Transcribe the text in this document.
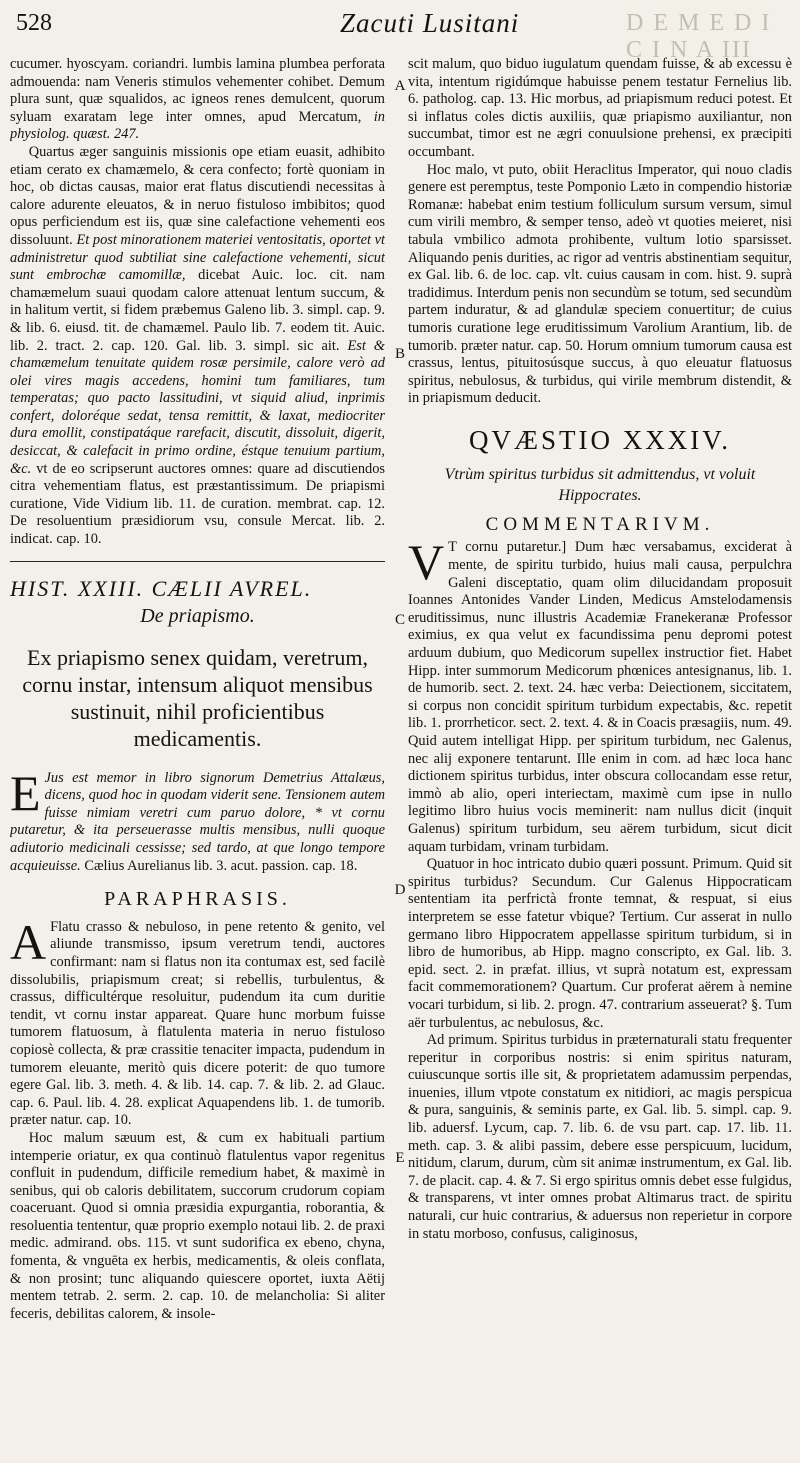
528	Zacuti Lusitani	D E M E D I C I N A III
A
B
C
D
E

cucumer. hyoscyam. coriandri. lumbis lamina plumbea perforata admouenda: nam Veneris stimulos vehementer cohibet. Demum plura sunt, quæ squalidos, ac igneos renes demulcent, quorum syluam exaratam lege inter omnes, apud Mercatum, in physiolog. quæst. 247.

Quartus æger sanguinis missionis ope etiam euasit, adhibito etiam cerato ex chamæmelo, & cera confecto; fortè quoniam in hoc, ob dictas causas, maior erat flatus discutiendi necessitas à calore adurente eleuatos, & in neruo fistuloso imbibitos; quod opus perficiendum est iis, quæ sine calefactione vehementi eos dissoluunt. Et post minorationem materiei ventositatis, oportet vt administretur quod subtiliat sine calefactione vehementi, sicut sunt embrochæ camomillæ, dicebat Auic. loc. cit. nam chamæmelum suaui quodam calore attenuat lentum succum, & in halitum vertit, si fidem præbemus Galeno lib. 3. simpl. cap. 9. & lib. 6. eiusd. tit. de chamæmel. Paulo lib. 7. eodem tit. Auic. lib. 2. tract. 2. cap. 120. Gal. lib. 3. simpl. sic ait. Est & chamæmelum tenuitate quidem rosæ persimile, calore verò ad olei vires magis accedens, homini tum familiares, tum temperatas; quo pacto lassitudini, vt siquid aliud, inprimis confert, doloréque sedat, tensa remittit, & laxat, mediocriter dura emollit, constipatáque rarefacit, discutit, dissoluit, digerit, desiccat, & calefacit in primo ordine, éstque tenuium partium, &c. vt de eo scripserunt auctores omnes: quare ad discutiendos citra vehementiam flatus, est præstantissimum. De priapismi curatione, Vide Vidium lib. 11. de curation. membrat. cap. 12. De resoluentium præsidiorum vsu, consule Mercat. lib. 2. indicat. cap. 10.

HIST. XXIII. CÆLII AVREL.
De priapismo.
Ex priapismo senex quidam, veretrum, cornu instar, intensum aliquot mensibus sustinuit, nihil proficientibus medicamentis.

E Jus est memor in libro signorum Demetrius Attalæus, dicens, quod hoc in quodam viderit sene. Tensionem autem fuisse nimiam veretri cum paruo dolore, * vt cornu putaretur, & ita perseuerasse multis mensibus, nulli quoque adiutorio medicinali cessisse; sed tardo, at que longo tempore acquieuisse. Cælius Aurelianus lib. 3. acut. passion. cap. 18.

PARAPHRASIS.

A Flatu crasso & nebuloso, in pene retento & genito, vel aliunde transmisso, ipsum veretrum tendi, auctores confirmant: nam si flatus non ita contumax est, sed facilè dissolubilis, priapismum creat; si rebellis, turbulentus, & crassus, difficultérque resoluitur, pudendum ita cum duritie tendit, vt cornu instar appareat. Quare hunc morbum fuisse tumorem flatuosum, à flatulenta materia in neruo fistuloso copiosè collecta, & præ crassitie tenaciter impacta, pudendum in tumorem eleuante, meritò quis dicere poterit: de quo tumore egere Gal. lib. 3. meth. 4. & lib. 14. cap. 7. & lib. 2. ad Glauc. cap. 6. Paul. lib. 4. 28. explicat Aquapendens lib. 1. de tumorib. præter natur. cap. 10.

Hoc malum sæuum est, & cum ex habituali partium intemperie oriatur, ex qua continuò flatulentus vapor regenitus confluit in pudendum, difficile remedium habet, & maximè in senibus, qui ob caloris debilitatem, succorum crudorum copiam coaceruant. Quod si omnia præsidia expurgantia, roborantia, & resoluentia tententur, quæ proprio exemplo notaui lib. 2. de praxi medic. admirand. obs. 115. vt sunt sudorifica ex ebeno, chyna, fomenta, & vnguēta ex herbis, medicamentis, & oleis conflata, & non prosint; tunc aliquando quiescere oportet, iuxta Aëtij mentem tetrab. 2. serm. 2. cap. 10. de melancholia: Si aliter feceris, debilitas calorem, & insole-

scit malum, quo biduo iugulatum quendam fuisse, & ab excessu è vita, intentum rigidúmque habuisse penem testatur Fernelius lib. 6. patholog. cap. 13. Hic morbus, ad priapismum reduci potest. Et si inflatus coles dictis auxiliis, quæ priapismo auxiliantur, non succumbat, timor est ne ægri conuulsione prehensi, ex præcipiti occumbant.

Hoc malo, vt puto, obiit Heraclitus Imperator, qui nouo cladis genere est peremptus, teste Pomponio Læto in compendio historiæ Romanæ: habebat enim testium folliculum sursum versum, simul cum virili membro, & semper tenso, adeò vt quoties meieret, nisi tabula vmbilico admota prohibente, vultum lotio sparsisset. Aliquando penis durities, ac rigor ad ventris abstinentiam sequitur, ex Gal. lib. 6. de loc. cap. vlt. cuius causam in com. hist. 9. suprà tradidimus. Interdum penis non secundùm se totum, sed secundùm partem induratur, & ad glandulæ speciem conuertitur; de cuius tumoris curatione lege eruditissimum Varolium Arantium, lib. de tumorib. præter natur. cap. 50. Horum omnium tumorum causa est crassus, lentus, pituitosúsque succus, à quo eleuatur flatuosus spiritus, nebulosus, & turbidus, qui virile membrum distendit, & in priapismum deducit.

QVÆSTIO XXXIV.
Vtrùm spiritus turbidus sit admittendus, vt voluit Hippocrates.
COMMENTARIVM.

V T cornu putaretur.] Dum hæc versabamus, exciderat à mente, de spiritu turbido, huius mali causa, perpulchra Galeni disceptatio, quam olim dilucidandam proposuit Ioannes Antonides Vander Linden, Medicus Amstelodamensis eruditissimus, nunc illustris Academiæ Franekeranæ Professor eximius, ex qua velut ex facundissima penu depromi potest arduum dubium, quo Medicorum supellex instructior fiet. Habet Hipp. inter summorum Medicorum phœnices antesignanus, lib. 1. de humorib. sect. 2. text. 24. hæc verba: Deiectionem, siccitatem, si corpus non concidit spiritum turbidum expectabis, &c. repetit lib. 1. prorrheticor. sect. 2. text. 4. & in Coacis præsagiis, num. 49. Quid autem intelligat Hipp. per spiritum turbidum, nec Galenus, nec alij exponere tentarunt. Ille enim in com. ad hæc loca hanc dictionem spiritus turbidus, inter obscura collocandam esse retur, immò ab alio, operi interiectam, maximè cum ipse in nullo legitimo libro huius vocis meminerit: nam nullus dicit (inquit Galenus) spiritum turbidum, seu aërem turbidum, sicut dicit aquam turbidam, vrinam turbidam.

Quatuor in hoc intricato dubio quæri possunt. Primum. Quid sit spiritus turbidus? Secundum. Cur Galenus Hippocraticam sententiam ita perfrictà fronte temnat, & respuat, si eius interpretem se esse fatetur vbique? Tertium. Cur asserat in nullo germano libro Hippocratem appellasse spiritum turbidum, si in libro de humoribus, ab Hipp. magno conscripto, ex Gal. lib. 3. epid. sect. 2. in præfat. illius, vt suprà notatum est, expressam facit commemorationem? Quartum. Cur proferat aërem à nemine vocari turbidum, si lib. 2. progn. 47. contrarium asseuerat? §. Tum aër turbulentus, ac nebulosus, &c.

Ad primum. Spiritus turbidus in præternaturali statu frequenter reperitur in corporibus nostris: si enim spiritus naturam, cuiuscunque sortis ille sit, & proprietatem adamussim perpendas, inuenies, illum vtpote constatum ex nitidiori, ac magis perspicua & pura, sanguinis, & seminis parte, ex Gal. lib. 5. simpl. cap. 9. lib. aduersf. Lycum, cap. 7. lib. 6. de vsu part. cap. 17. lib. 11. meth. cap. 3. & alibi passim, debere esse perspicuum, lucidum, nitidum, clarum, durum, cùm sit animæ instrumentum, ex Gal. lib. 7. de placit. cap. 4. & 7. Si ergo spiritus omnis debet esse fulgidus, & transparens, vt inter omnes probat Altimarus tract. de spiritu naturali, cur huic contrarius, & aduersus non reperietur in corpore in statu morboso, confusus, caliginosus,
